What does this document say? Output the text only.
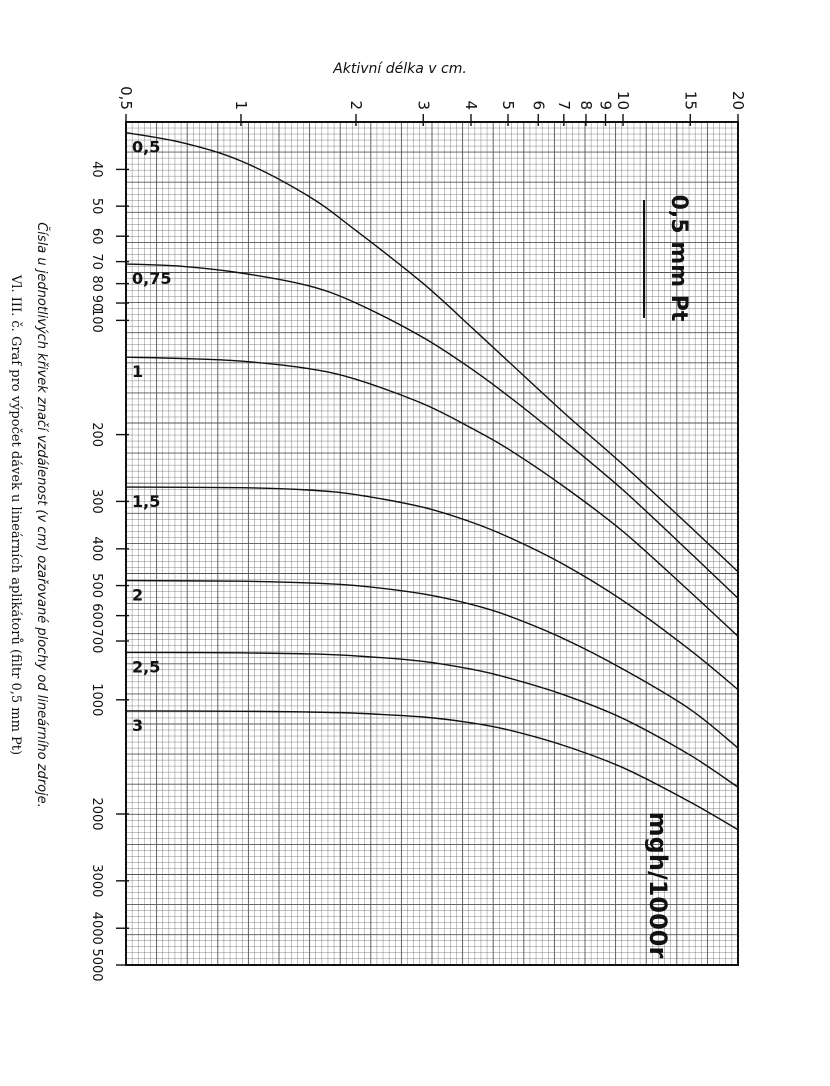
Aktivní délka v cm.
0,5	1	2	3 4 5 6 7 8 9 10	15 20
40
50
60
70
80
90
100
200
300
400
500
600
700
1000
2000
3000
4000
5000
0,5
0,75
1
1,5
2
2,5
3
0,5 mm Pt
mgh/1000r
Čísla u jednotlivých křivek značí vzdálenost (v cm) ozařované plochy od lineárního zdroje.
Vl. III. č. Graf pro výpočet dávek u lineárních aplikátorů (filtr 0,5 mm Pt)
